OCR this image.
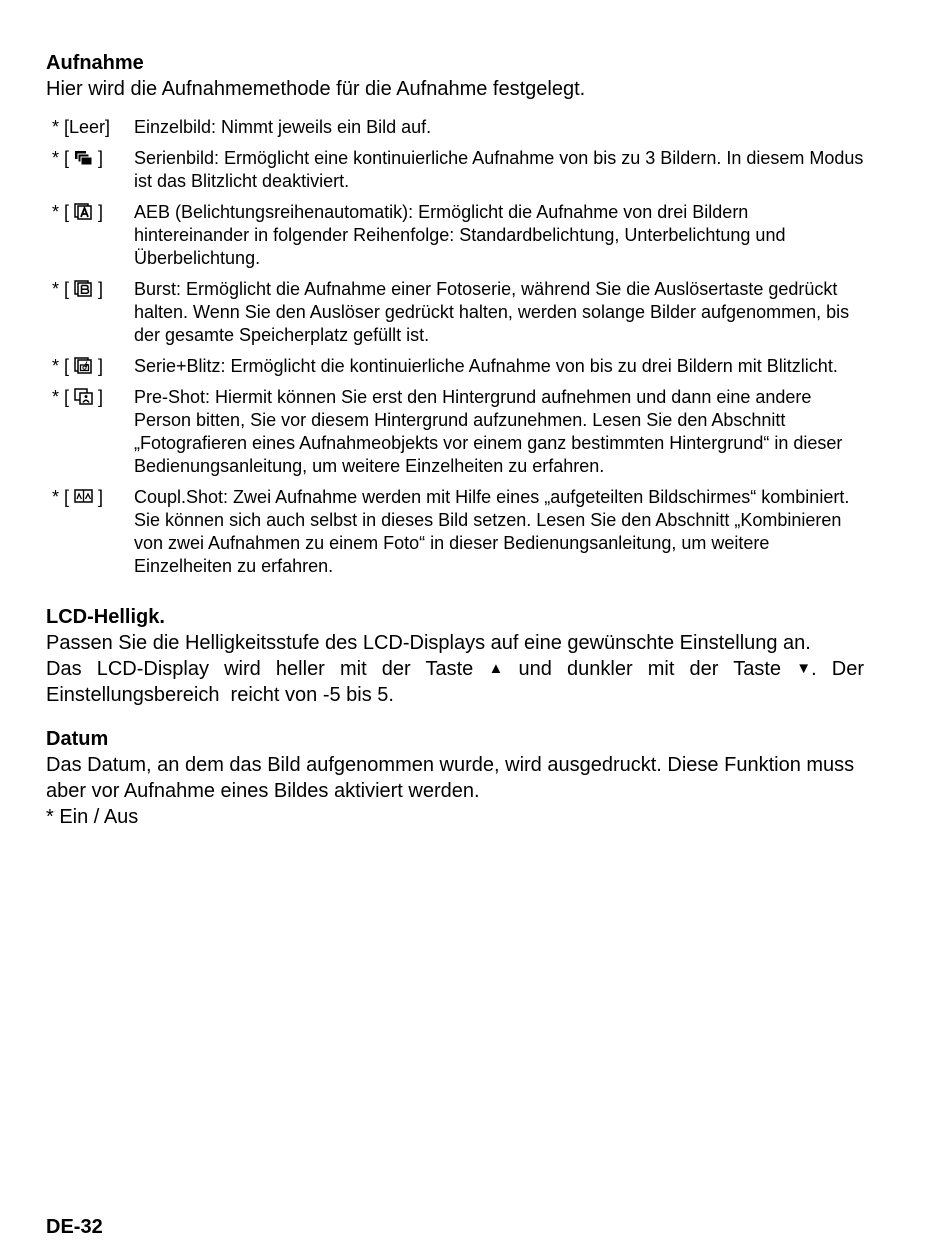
Aufnahme

Hier wird die Aufnahmemethode für die Aufnahme festgelegt.

* [Leer]	Einzelbild: Nimmt jeweils ein Bild auf.
* [ ]	Serienbild: Ermöglicht eine kontinuierliche Aufnahme von bis zu 3 Bildern. In diesem Modus ist das Blitzlicht deaktiviert.
* [ ]	AEB (Belichtungsreihenautomatik): Ermöglicht die Aufnahme von drei Bildern hintereinander in folgender Reihenfolge: Standardbelichtung, Unterbelichtung und Überbelichtung.
* [ ]	Burst: Ermöglicht die Aufnahme einer Fotoserie, während Sie die Auslösertaste gedrückt halten. Wenn Sie den Auslöser gedrückt halten, werden solange Bilder aufgenommen, bis der gesamte Speicherplatz gefüllt ist.
* [ ]	Serie+Blitz: Ermöglicht die kontinuierliche Aufnahme von bis zu drei Bildern mit Blitzlicht.
* [ ]	Pre-Shot: Hiermit können Sie erst den Hintergrund aufnehmen und dann eine andere Person bitten, Sie vor diesem Hintergrund aufzunehmen. Lesen Sie den Abschnitt „Fotografieren eines Aufnahmeobjekts vor einem ganz bestimmten Hintergrund“ in dieser Bedienungsanleitung, um weitere Einzelheiten zu erfahren.
* [ ]	Coupl.Shot: Zwei Aufnahme werden mit Hilfe eines „aufgeteilten Bildschirmes“ kombiniert. Sie können sich auch selbst in dieses Bild setzen. Lesen Sie den Abschnitt „Kombinieren von zwei Aufnahmen zu einem Foto“ in dieser Bedienungsanleitung, um weitere Einzelheiten zu erfahren.
LCD-Helligk.

Passen Sie die Helligkeitsstufe des LCD-Displays auf eine gewünschte Einstellung an.

Das LCD-Display wird heller mit der Taste ▲ und dunkler mit der Taste ▼. Der

Einstellungsbereich  reicht von -5 bis 5.

Datum

Das Datum, an dem das Bild aufgenommen wurde, wird ausgedruckt. Diese Funktion muss aber vor Aufnahme eines Bildes aktiviert werden.

* Ein / Aus

DE-32
